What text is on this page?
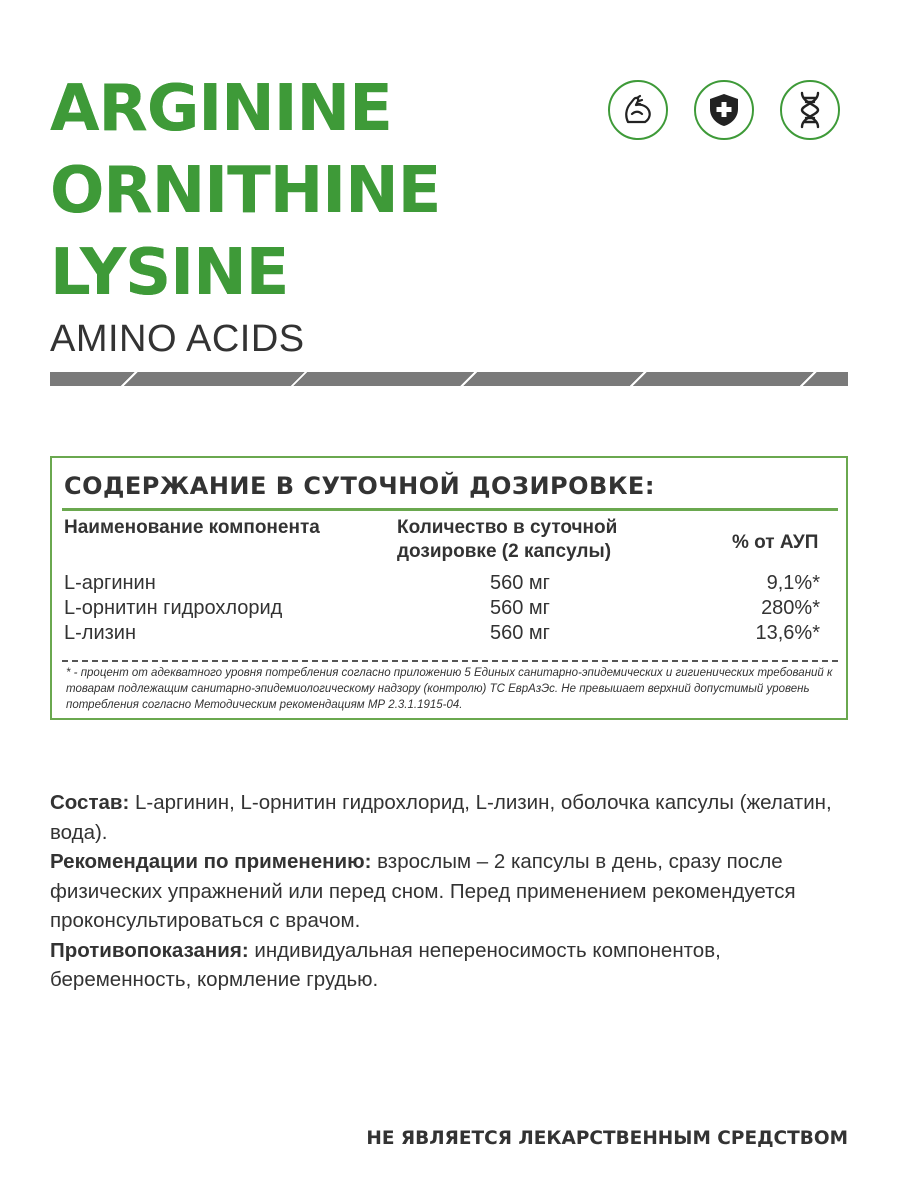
ARGININE
ORNITHINE
LYSINE
AMINO ACIDS
СОДЕРЖАНИЕ В СУТОЧНОЙ ДОЗИРОВКЕ:
Наименование компонента	Количество в суточной дозировке (2 капсулы)	% от АУП
L-аргинин	560 мг	9,1%*
L-орнитин гидрохлорид	560 мг	280%*
L-лизин	560 мг	13,6%*
* - процент от адекватного уровня потребления согласно приложению 5 Единых санитарно-эпидемических и гигиенических требований к товарам подлежащим санитарно-эпидемиологическому надзору (контролю) ТС ЕврАзЭс. Не превышает верхний допустимый уровень потребления согласно Методическим рекомендациям МР 2.3.1.1915-04.
Состав: L-аргинин, L-орнитин гидрохлорид, L-лизин, оболочка капсулы (желатин, вода).
Рекомендации по применению: взрослым – 2 капсулы в день, сразу после физических упражнений или перед сном. Перед применением рекомендуется проконсультироваться с врачом.
Противопоказания: индивидуальная непереносимость компонентов, беременность, кормление грудью.
НЕ ЯВЛЯЕТСЯ ЛЕКАРСТВЕННЫМ СРЕДСТВОМ
